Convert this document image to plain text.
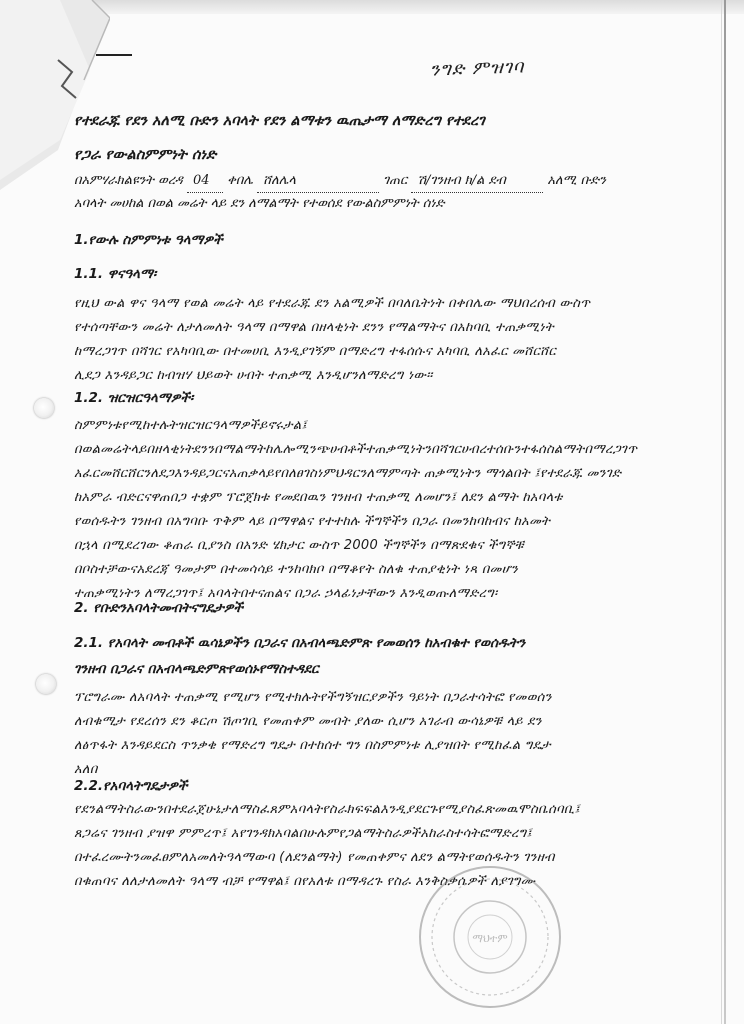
ንግድ ምዝገባ
የተደራጁ የደን አለሚ ቡድን አባላት የደን ልማቱን ዉጤታማ ለማድረግ የተደረገ
የጋራ የውልስምምነት ሰነድ
በአምሃራክልዩንት ወረዳ 04 ቀበሌ ሸለሌላ	ገጠር ሽ/ገንዘብ ክ/ል ደብ	አለሚ ቡድን
አባላት መሀከል በወል መሬት ላይ ደን ለማልማት የተወሰደ የውልስምምነት ሰነድ
1.የውሉ ስምምነቱ ዓላማዎች
1.1. ዋናዓላማ፡
የዚህ ውል ዋና ዓላማ የወል መሬት ላይ የተደራጁ ደን አልሚዎች በባለቤትነት በቀበሌው ማህበረሰብ ውስጥ
የተሰጣቸውን መሬት ለታለመለት ዓላማ በማዋል በዘላቂነት ደንን የማልማትና በአከባቢ ተጠቃሚነት
ከማረጋገጥ በሻገር የአካባቢው በተመሀቢ እንዲያገኝም በማድረግ ተፋሰሱና አካባቢ ለአፈር መሸርሸር
ሊደጋ እንዳይጋር ከብዝሃ ህይወት ሀብት ተጠቃሚ እንዲሆንለማድረግ ነው።
1.2. ዝርዝርዓላማዎች፡
ስምምነቱየሚከተሉትዝርዝርዓላማዎችይኖሩታል፤
በወልመሬትላይበዘላቂነትደንንበማልማትከሌሎሚንጭሀብቶችተጠቃሚነትንበሻገርሀብረተሰቡንተፋሰስልማትበማረጋገጥ
አፈርመሸርሸርንለደጋእንዳይጋርናአጠቃላይየበለፀገስነምህዳርንለማምጣት ጠቃሚነትን ማጎልበት ፤የተደራጁ መንገድ
ከአምራ ብድርናዋጠበጋ ተቋም ፕሮጀክቱ የመደበዉን ገንዘብ ተጠቃሚ ለመሆን፤ ለደን ልማት ከአባላቱ
የወሰዱትን ገንዘብ በአግባቡ ጥቅም ላይ በማዋልና የተተከሉ ችግኞችን በጋራ በመንከባከብና ከአመት
በኋላ በሚደረገው ቆጠራ ቢያንስ በአንድ ሄክታር ውስጥ 2000 ችግኞችን በማጽደቁና ችግኞቹ
በቦስተቻውናአደረጃ ዓመታም በተመሳሳይ ተንከባክቦ በማቆየት ስለቁ ተጠያቂነት ነጻ በመሆን
ተጠቃሚነትን ለማረጋገጥ፤ አባላትበተናጠልና በጋራ ኃላፊነታቸውን እንዲወጡለማድረግ፡
2. የቡድንአባላትመብትናግዴታዎች
2.1. የአባላት መብቶች ዉሳኔዎችን በጋራና በአብላጫድምጽ የመወሰን ከአብቁተ የወሰዱትን
ገንዘብ በጋራና በአብላጫድምጽየወሰኑየማስተዳደር
ፕሮግራሙ ለአባላት ተጠቃሚ የሚሆን የሚተክሉትየችግኝዝርያዎችን ዓይነት በጋራተሳትፎ የመወሰን
ለብቁሚታ የደረሰን ደን ቆርጦ ሽጦገቢ የመጠቀም መብት ያለው ሲሆን አገራብ ውሳኔዎቹ ላይ ደን
ለፅጥፋት እንዳይደርስ ጥንቃቄ የማድረግ ግዴታ በተከሰተ ግን በስምምነቱ ሊያዝበት የሚከፈል ግዴታ
አለበ
2.2.የአባላትግዴታዎች
የደንልማትስራውንበተደራጀሁኔታለማስፈጸምአባላትየስራክፍፍልእንዲያደርጉየሚያስፈጽመዉሞስቤሰባቢ፤
ጸጋሬና ገንዘብ ያዝዋ ምምረጥ፤ አየገንዳክአባልበሁሉምየጋልማትስራዎችአከራስተሳትፎማድረግ፤
በተፈረሙትንመፈፀምለአመለትዓላማውባ (ለደንልማት) የመጠቀምና ለደን ልማትየወሰዱትን ገንዘብ
በቁጠባና ለለታለመለት ዓላማ ብቻ የማዋል፤ በየአለቱ በማዳረጉ የስራ እንቅስቃሴዎች ለያገግሙ
ማህተም
